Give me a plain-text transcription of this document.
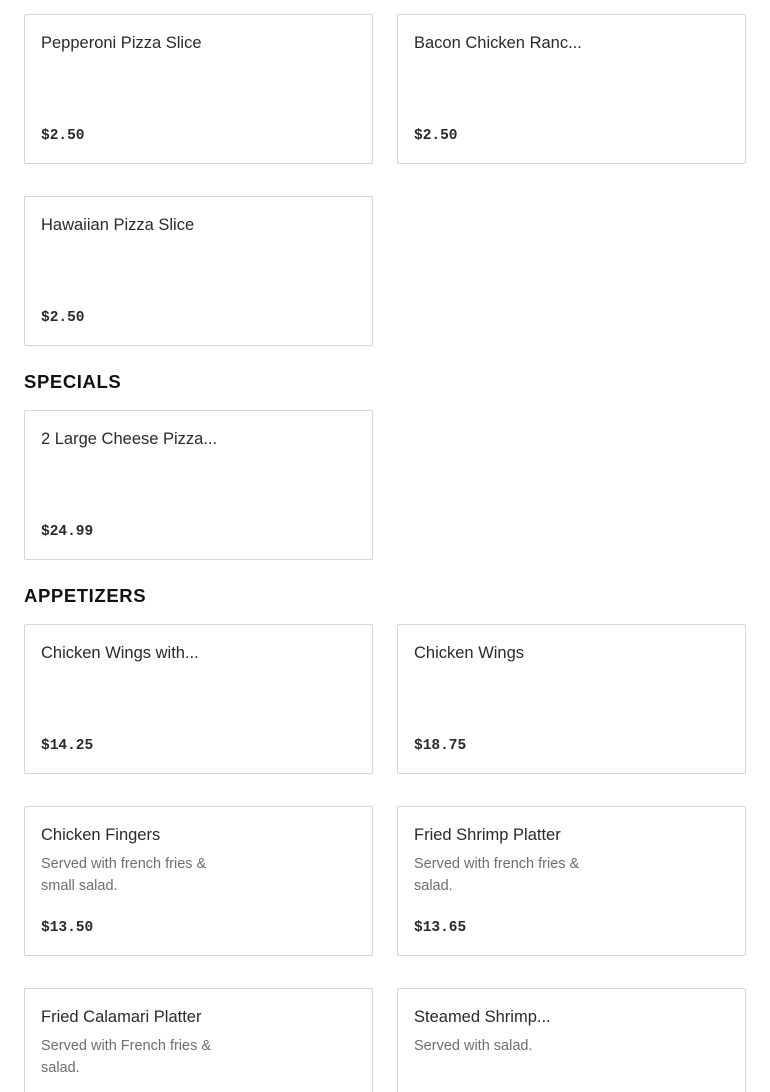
Pepperoni Pizza Slice
$2.50
Bacon Chicken Ranc...
$2.50
Hawaiian Pizza Slice
$2.50
SPECIALS
2 Large Cheese Pizza...
$24.99
APPETIZERS
Chicken Wings with...
$14.25
Chicken Wings
$18.75
Chicken Fingers
Served with french fries & small salad.
$13.50
Fried Shrimp Platter
Served with french fries & salad.
$13.65
Fried Calamari Platter
Served with French fries & salad.
Steamed Shrimp...
Served with salad.
